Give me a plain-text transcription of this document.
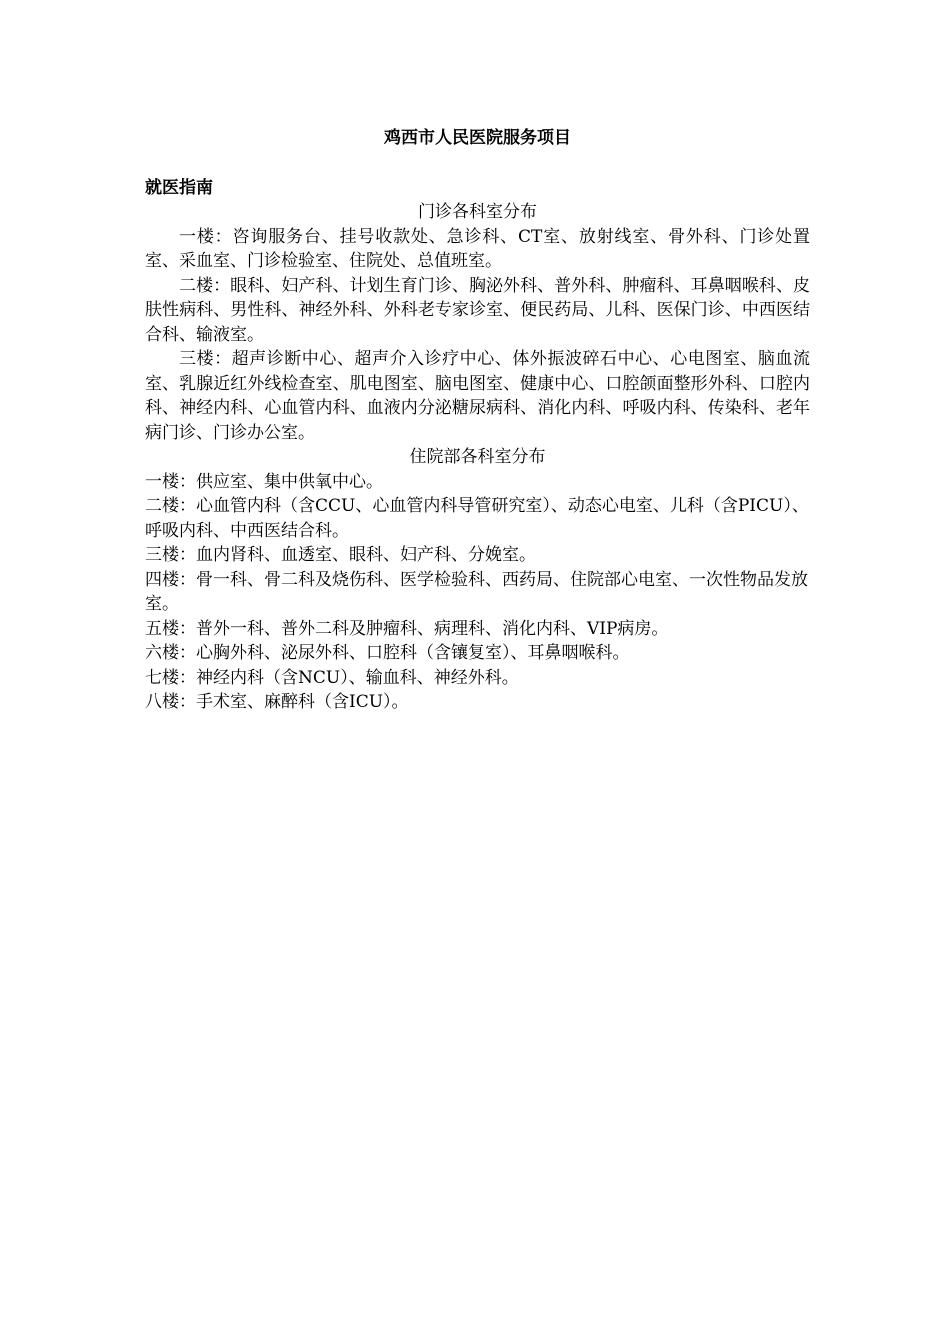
鸡西市人民医院服务项目

就医指南

门诊各科室分布

一楼：咨询服务台、挂号收款处、急诊科、CT室、放射线室、骨外科、门诊处置室、采血室、门诊检验室、住院处、总值班室。

二楼：眼科、妇产科、计划生育门诊、胸泌外科、普外科、肿瘤科、耳鼻咽喉科、皮肤性病科、男性科、神经外科、外科老专家诊室、便民药局、儿科、医保门诊、中西医结合科、输液室。

三楼：超声诊断中心、超声介入诊疗中心、体外振波碎石中心、心电图室、脑血流室、乳腺近红外线检查室、肌电图室、脑电图室、健康中心、口腔颌面整形外科、口腔内科、神经内科、心血管内科、血液内分泌糖尿病科、消化内科、呼吸内科、传染科、老年病门诊、门诊办公室。

住院部各科室分布

一楼：供应室、集中供氧中心。

二楼：心血管内科（含CCU、心血管内科导管研究室）、动态心电室、儿科（含PICU）、呼吸内科、中西医结合科。

三楼：血内肾科、血透室、眼科、妇产科、分娩室。

四楼：骨一科、骨二科及烧伤科、医学检验科、西药局、住院部心电室、一次性物品发放室。

五楼：普外一科、普外二科及肿瘤科、病理科、消化内科、VIP病房。

六楼：心胸外科、泌尿外科、口腔科（含镶复室）、耳鼻咽喉科。

七楼：神经内科（含NCU）、输血科、神经外科。

八楼：手术室、麻醉科（含ICU）。
